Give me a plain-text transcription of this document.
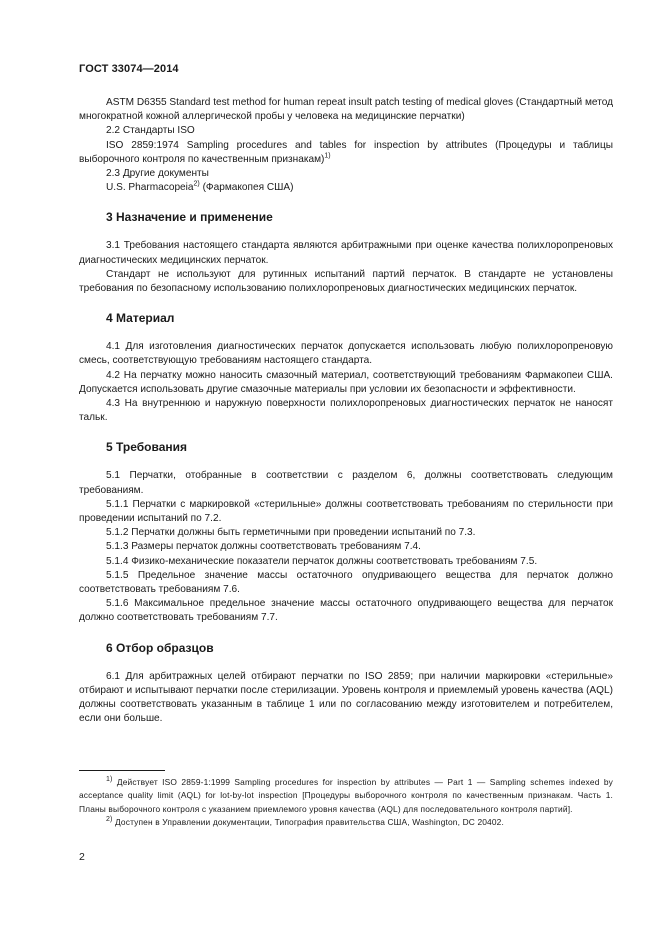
ГОСТ 33074—2014

ASTM D6355 Standard test method for human repeat insult patch testing of medical gloves (Стандартный метод многократной кожной аллергической пробы у человека на медицинские перчатки)

2.2 Стандарты ISO

ISO 2859:1974 Sampling procedures and tables for inspection by attributes (Процедуры и таблицы выборочного контроля по качественным признакам)$^{1)}$

2.3 Другие документы

U.S. Pharmacopeia$^{2)}$ (Фармакопея США)

3 Назначение и применение

3.1 Требования настоящего стандарта являются арбитражными при оценке качества полихлоропреновых диагностических медицинских перчаток.

Стандарт не используют для рутинных испытаний партий перчаток. В стандарте не установлены требования по безопасному использованию полихлоропреновых диагностических медицинских перчаток.

4 Материал

4.1 Для изготовления диагностических перчаток допускается использовать любую полихлоропреновую смесь, соответствующую требованиям настоящего стандарта.

4.2 На перчатку можно наносить смазочный материал, соответствующий требованиям Фармакопеи США. Допускается использовать другие смазочные материалы при условии их безопасности и эффективности.

4.3 На внутреннюю и наружную поверхности полихлоропреновых диагностических перчаток не наносят тальк.

5 Требования

5.1 Перчатки, отобранные в соответствии с разделом 6, должны соответствовать следующим требованиям.

5.1.1 Перчатки с маркировкой «стерильные» должны соответствовать требованиям по стерильности при проведении испытаний по 7.2.

5.1.2 Перчатки должны быть герметичными при проведении испытаний по 7.3.

5.1.3 Размеры перчаток должны соответствовать требованиям 7.4.

5.1.4 Физико-механические показатели перчаток должны соответствовать требованиям 7.5.

5.1.5 Предельное значение массы остаточного опудривающего вещества для перчаток должно соответствовать требованиям 7.6.

5.1.6 Максимальное предельное значение массы остаточного опудривающего вещества для перчаток должно соответствовать требованиям 7.7.

6 Отбор образцов

6.1 Для арбитражных целей отбирают перчатки по ISO 2859; при наличии маркировки «стерильные» отбирают и испытывают перчатки после стерилизации. Уровень контроля и приемлемый уровень качества (AQL) должны соответствовать указанным в таблице 1 или по согласованию между изготовителем и потребителем, если они больше.

$^{1)}$ Действует ISO 2859-1:1999 Sampling procedures for inspection by attributes — Part 1 — Sampling schemes indexed by acceptance quality limit (AQL) for lot-by-lot inspection [Процедуры выборочного контроля по качественным признакам. Часть 1. Планы выборочного контроля с указанием приемлемого уровня качества (AQL) для последовательного контроля партий].

$^{2)}$ Доступен в Управлении документации, Типография правительства США, Washington, DC 20402.

2
